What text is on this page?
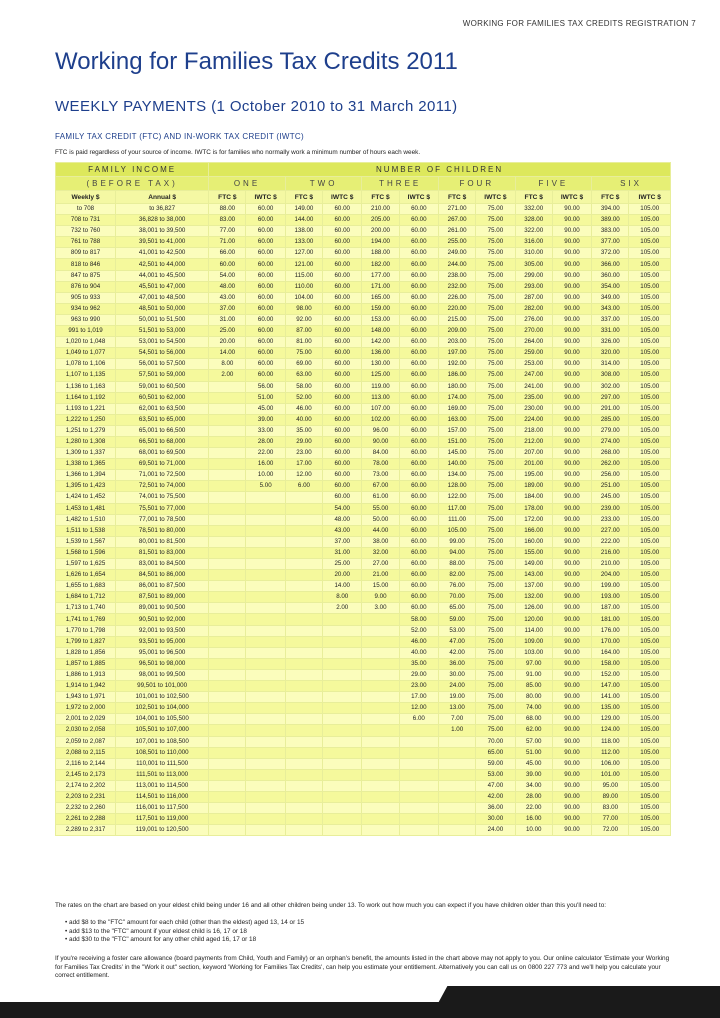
WORKING FOR FAMILIES TAX CREDITS REGISTRATION 7
Working for Families Tax Credits 2011
WEEKLY PAYMENTS (1 October 2010 to 31 March 2011)
FAMILY TAX CREDIT (FTC) AND IN-WORK TAX CREDIT (IWTC)
FTC is paid regardless of your source of income. IWTC is for families who normally work a minimum number of hours each week.
FAMILY INCOME		NUMBER OF CHILDREN											
(BEFORE TAX)		ONE		TWO		THREE		FOUR		FIVE		SIX	
Weekly $	Annual $	FTC $	IWTC $	FTC $	IWTC $	FTC $	IWTC $	FTC $	IWTC $	FTC $	IWTC $	FTC $	IWTC $
to 708	to 36,827	88.00	60.00	149.00	60.00	210.00	60.00	271.00	75.00	332.00	90.00	394.00	105.00
708 to 731	36,828 to 38,000	83.00	60.00	144.00	60.00	205.00	60.00	267.00	75.00	328.00	90.00	389.00	105.00
732 to 760	38,001 to 39,500	77.00	60.00	138.00	60.00	200.00	60.00	261.00	75.00	322.00	90.00	383.00	105.00
761 to 788	39,501 to 41,000	71.00	60.00	133.00	60.00	194.00	60.00	255.00	75.00	316.00	90.00	377.00	105.00
809 to 817	41,001 to 42,500	66.00	60.00	127.00	60.00	188.00	60.00	249.00	75.00	310.00	90.00	372.00	105.00
818 to 846	42,501 to 44,000	60.00	60.00	121.00	60.00	182.00	60.00	244.00	75.00	305.00	90.00	366.00	105.00
847 to 875	44,001 to 45,500	54.00	60.00	115.00	60.00	177.00	60.00	238.00	75.00	299.00	90.00	360.00	105.00
876 to 904	45,501 to 47,000	48.00	60.00	110.00	60.00	171.00	60.00	232.00	75.00	293.00	90.00	354.00	105.00
905 to 933	47,001 to 48,500	43.00	60.00	104.00	60.00	165.00	60.00	226.00	75.00	287.00	90.00	349.00	105.00
934 to 962	48,501 to 50,000	37.00	60.00	98.00	60.00	159.00	60.00	220.00	75.00	282.00	90.00	343.00	105.00
963 to 990	50,001 to 51,500	31.00	60.00	92.00	60.00	153.00	60.00	215.00	75.00	276.00	90.00	337.00	105.00
991 to 1,019	51,501 to 53,000	25.00	60.00	87.00	60.00	148.00	60.00	209.00	75.00	270.00	90.00	331.00	105.00
1,020 to 1,048	53,001 to 54,500	20.00	60.00	81.00	60.00	142.00	60.00	203.00	75.00	264.00	90.00	326.00	105.00
1,049 to 1,077	54,501 to 56,000	14.00	60.00	75.00	60.00	136.00	60.00	197.00	75.00	259.00	90.00	320.00	105.00
1,078 to 1,106	56,001 to 57,500	8.00	60.00	69.00	60.00	130.00	60.00	192.00	75.00	253.00	90.00	314.00	105.00
1,107 to 1,135	57,501 to 59,000	2.00	60.00	63.00	60.00	125.00	60.00	186.00	75.00	247.00	90.00	308.00	105.00
1,136 to 1,163	59,001 to 60,500		56.00	58.00	60.00	119.00	60.00	180.00	75.00	241.00	90.00	302.00	105.00
1,164 to 1,192	60,501 to 62,000		51.00	52.00	60.00	113.00	60.00	174.00	75.00	235.00	90.00	297.00	105.00
1,193 to 1,221	62,001 to 63,500		45.00	46.00	60.00	107.00	60.00	169.00	75.00	230.00	90.00	291.00	105.00
1,222 to 1,250	63,501 to 65,000		39.00	40.00	60.00	102.00	60.00	163.00	75.00	224.00	90.00	285.00	105.00
1,251 to 1,279	65,001 to 66,500		33.00	35.00	60.00	96.00	60.00	157.00	75.00	218.00	90.00	279.00	105.00
1,280 to 1,308	66,501 to 68,000		28.00	29.00	60.00	90.00	60.00	151.00	75.00	212.00	90.00	274.00	105.00
1,309 to 1,337	68,001 to 69,500		22.00	23.00	60.00	84.00	60.00	145.00	75.00	207.00	90.00	268.00	105.00
1,338 to 1,365	69,501 to 71,000		16.00	17.00	60.00	78.00	60.00	140.00	75.00	201.00	90.00	262.00	105.00
1,366 to 1,394	71,001 to 72,500		10.00	12.00	60.00	73.00	60.00	134.00	75.00	195.00	90.00	256.00	105.00
1,395 to 1,423	72,501 to 74,000		5.00	6.00	60.00	67.00	60.00	128.00	75.00	189.00	90.00	251.00	105.00
1,424 to 1,452	74,001 to 75,500				60.00	61.00	60.00	122.00	75.00	184.00	90.00	245.00	105.00
1,453 to 1,481	75,501 to 77,000				54.00	55.00	60.00	117.00	75.00	178.00	90.00	239.00	105.00
1,482 to 1,510	77,001 to 78,500				48.00	50.00	60.00	111.00	75.00	172.00	90.00	233.00	105.00
1,511 to 1,538	78,501 to 80,000				43.00	44.00	60.00	105.00	75.00	166.00	90.00	227.00	105.00
1,539 to 1,567	80,001 to 81,500				37.00	38.00	60.00	99.00	75.00	160.00	90.00	222.00	105.00
1,568 to 1,596	81,501 to 83,000				31.00	32.00	60.00	94.00	75.00	155.00	90.00	216.00	105.00
1,597 to 1,625	83,001 to 84,500				25.00	27.00	60.00	88.00	75.00	149.00	90.00	210.00	105.00
1,626 to 1,654	84,501 to 86,000				20.00	21.00	60.00	82.00	75.00	143.00	90.00	204.00	105.00
1,655 to 1,683	86,001 to 87,500				14.00	15.00	60.00	76.00	75.00	137.00	90.00	199.00	105.00
1,684 to 1,712	87,501 to 89,000				8.00	9.00	60.00	70.00	75.00	132.00	90.00	193.00	105.00
1,713 to 1,740	89,001 to 90,500				2.00	3.00	60.00	65.00	75.00	126.00	90.00	187.00	105.00
1,741 to 1,769	90,501 to 92,000						58.00	59.00	75.00	120.00	90.00	181.00	105.00
1,770 to 1,798	92,001 to 93,500						52.00	53.00	75.00	114.00	90.00	176.00	105.00
1,799 to 1,827	93,501 to 95,000						46.00	47.00	75.00	109.00	90.00	170.00	105.00
1,828 to 1,856	95,001 to 96,500						40.00	42.00	75.00	103.00	90.00	164.00	105.00
1,857 to 1,885	96,501 to 98,000						35.00	36.00	75.00	97.00	90.00	158.00	105.00
1,886 to 1,913	98,001 to 99,500						29.00	30.00	75.00	91.00	90.00	152.00	105.00
1,914 to 1,942	99,501 to 101,000						23.00	24.00	75.00	85.00	90.00	147.00	105.00
1,943 to 1,971	101,001 to 102,500						17.00	19.00	75.00	80.00	90.00	141.00	105.00
1,972 to 2,000	102,501 to 104,000						12.00	13.00	75.00	74.00	90.00	135.00	105.00
2,001 to 2,029	104,001 to 105,500						6.00	7.00	75.00	68.00	90.00	129.00	105.00
2,030 to 2,058	105,501 to 107,000							1.00	75.00	62.00	90.00	124.00	105.00
2,059 to 2,087	107,001 to 108,500								70.00	57.00	90.00	118.00	105.00
2,088 to 2,115	108,501 to 110,000								65.00	51.00	90.00	112.00	105.00
2,116 to 2,144	110,001 to 111,500								59.00	45.00	90.00	106.00	105.00
2,145 to 2,173	111,501 to 113,000								53.00	39.00	90.00	101.00	105.00
2,174 to 2,202	113,001 to 114,500								47.00	34.00	90.00	95.00	105.00
2,203 to 2,231	114,501 to 116,000								42.00	28.00	90.00	89.00	105.00
2,232 to 2,260	116,001 to 117,500								36.00	22.00	90.00	83.00	105.00
2,261 to 2,288	117,501 to 119,000								30.00	16.00	90.00	77.00	105.00
2,289 to 2,317	119,001 to 120,500								24.00	10.00	90.00	72.00	105.00

The rates on the chart are based on your eldest child being under 16 and all other children being under 13. To work out how much you can expect if you have children older than this you'll need to:

• add $8 to the "FTC" amount for each child (other than the eldest) aged 13, 14 or 15
• add $13 to the "FTC" amount if your eldest child is 16, 17 or 18
• add $30 to the "FTC" amount for any other child aged 16, 17 or 18

If you're receiving a foster care allowance (board payments from Child, Youth and Family) or an orphan's benefit, the amounts listed in the chart above may not apply to you. Our online calculator 'Estimate your Working for Families Tax Credits' in the "Work it out" section, keyword 'Working for Families Tax Credits', can help you estimate your entitlement. Alternatively you can call us on 0800 227 773 and we'll help you calculate your correct entitlement.
